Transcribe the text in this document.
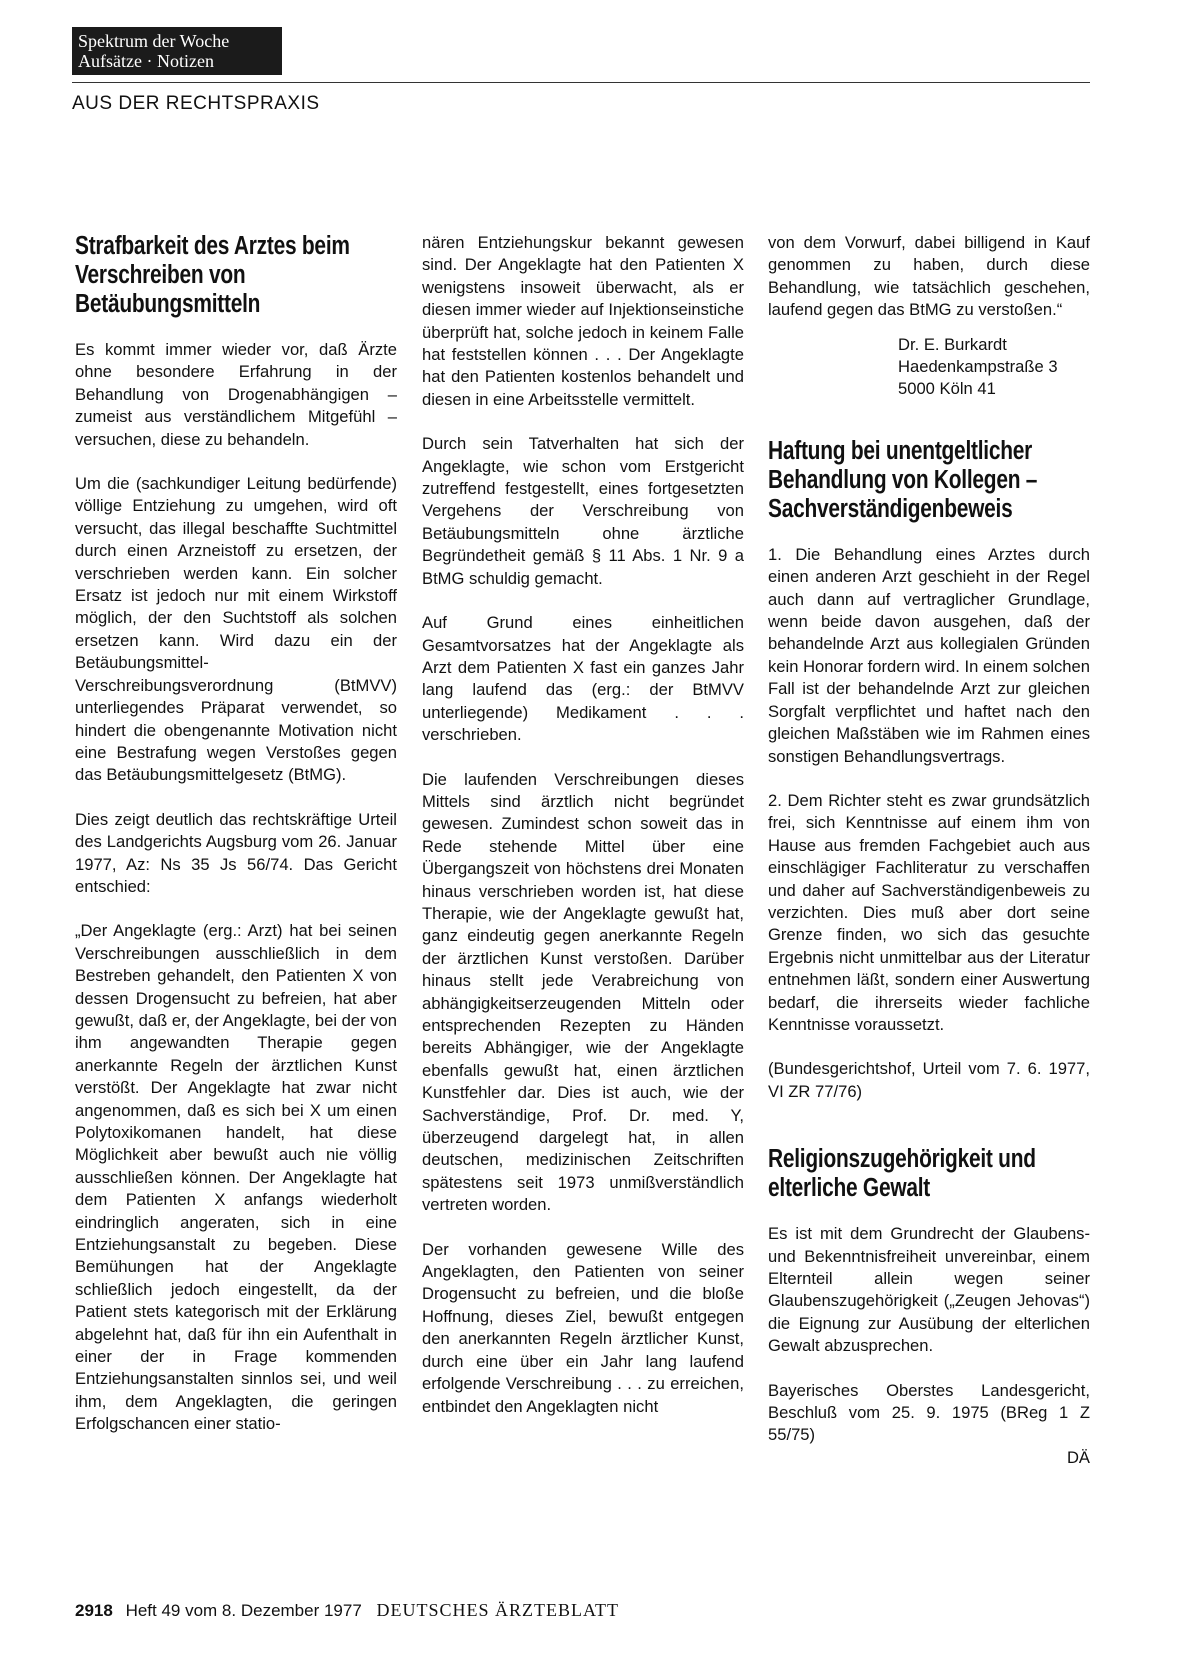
Spektrum der Woche
Aufsätze · Notizen
AUS DER RECHTSPRAXIS
Strafbarkeit des Arztes beim Verschreiben von Betäubungsmitteln

Es kommt immer wieder vor, daß Ärzte ohne besondere Erfahrung in der Behandlung von Drogenabhängigen – zumeist aus verständlichem Mitgefühl – versuchen, diese zu behandeln.

Um die (sachkundiger Leitung bedürfende) völlige Entziehung zu umgehen, wird oft versucht, das illegal beschaffte Suchtmittel durch einen Arzneistoff zu ersetzen, der verschrieben werden kann. Ein solcher Ersatz ist jedoch nur mit einem Wirkstoff möglich, der den Suchtstoff als solchen ersetzen kann. Wird dazu ein der Betäubungsmittel-Verschreibungsverordnung (BtMVV) unterliegendes Präparat verwendet, so hindert die obengenannte Motivation nicht eine Bestrafung wegen Verstoßes gegen das Betäubungsmittelgesetz (BtMG).

Dies zeigt deutlich das rechtskräftige Urteil des Landgerichts Augsburg vom 26. Januar 1977, Az: Ns 35 Js 56/74. Das Gericht entschied:

„Der Angeklagte (erg.: Arzt) hat bei seinen Verschreibungen ausschließlich in dem Bestreben gehandelt, den Patienten X von dessen Drogensucht zu befreien, hat aber gewußt, daß er, der Angeklagte, bei der von ihm angewandten Therapie gegen anerkannte Regeln der ärztlichen Kunst verstößt. Der Angeklagte hat zwar nicht angenommen, daß es sich bei X um einen Polytoxikomanen handelt, hat diese Möglichkeit aber bewußt auch nie völlig ausschließen können. Der Angeklagte hat dem Patienten X anfangs wiederholt eindringlich angeraten, sich in eine Entziehungsanstalt zu begeben. Diese Bemühungen hat der Angeklagte schließlich jedoch eingestellt, da der Patient stets kategorisch mit der Erklärung abgelehnt hat, daß für ihn ein Aufenthalt in einer der in Frage kommenden Entziehungsanstalten sinnlos sei, und weil ihm, dem Angeklagten, die geringen Erfolgschancen einer statio-

nären Entziehungskur bekannt gewesen sind. Der Angeklagte hat den Patienten X wenigstens insoweit überwacht, als er diesen immer wieder auf Injektionseinstiche überprüft hat, solche jedoch in keinem Falle hat feststellen können . . . Der Angeklagte hat den Patienten kostenlos behandelt und diesen in eine Arbeitsstelle vermittelt.

Durch sein Tatverhalten hat sich der Angeklagte, wie schon vom Erstgericht zutreffend festgestellt, eines fortgesetzten Vergehens der Verschreibung von Betäubungsmitteln ohne ärztliche Begründetheit gemäß § 11 Abs. 1 Nr. 9 a BtMG schuldig gemacht.

Auf Grund eines einheitlichen Gesamtvorsatzes hat der Angeklagte als Arzt dem Patienten X fast ein ganzes Jahr lang laufend das (erg.: der BtMVV unterliegende) Medikament . . . verschrieben.

Die laufenden Verschreibungen dieses Mittels sind ärztlich nicht begründet gewesen. Zumindest schon soweit das in Rede stehende Mittel über eine Übergangszeit von höchstens drei Monaten hinaus verschrieben worden ist, hat diese Therapie, wie der Angeklagte gewußt hat, ganz eindeutig gegen anerkannte Regeln der ärztlichen Kunst verstoßen. Darüber hinaus stellt jede Verabreichung von abhängigkeitserzeugenden Mitteln oder entsprechenden Rezepten zu Händen bereits Abhängiger, wie der Angeklagte ebenfalls gewußt hat, einen ärztlichen Kunstfehler dar. Dies ist auch, wie der Sachverständige, Prof. Dr. med. Y, überzeugend dargelegt hat, in allen deutschen, medizinischen Zeitschriften spätestens seit 1973 unmißverständlich vertreten worden.

Der vorhanden gewesene Wille des Angeklagten, den Patienten von seiner Drogensucht zu befreien, und die bloße Hoffnung, dieses Ziel, bewußt entgegen den anerkannten Regeln ärztlicher Kunst, durch eine über ein Jahr lang laufend erfolgende Verschreibung . . . zu erreichen, entbindet den Angeklagten nicht

von dem Vorwurf, dabei billigend in Kauf genommen zu haben, durch diese Behandlung, wie tatsächlich geschehen, laufend gegen das BtMG zu verstoßen.“

Dr. E. Burkardt
Haedenkampstraße 3
5000 Köln 41
Haftung bei unentgeltlicher Behandlung von Kollegen – Sachverständigenbeweis

1. Die Behandlung eines Arztes durch einen anderen Arzt geschieht in der Regel auch dann auf vertraglicher Grundlage, wenn beide davon ausgehen, daß der behandelnde Arzt aus kollegialen Gründen kein Honorar fordern wird. In einem solchen Fall ist der behandelnde Arzt zur gleichen Sorgfalt verpflichtet und haftet nach den gleichen Maßstäben wie im Rahmen eines sonstigen Behandlungsvertrags.

2. Dem Richter steht es zwar grundsätzlich frei, sich Kenntnisse auf einem ihm von Hause aus fremden Fachgebiet auch aus einschlägiger Fachliteratur zu verschaffen und daher auf Sachverständigenbeweis zu verzichten. Dies muß aber dort seine Grenze finden, wo sich das gesuchte Ergebnis nicht unmittelbar aus der Literatur entnehmen läßt, sondern einer Auswertung bedarf, die ihrerseits wieder fachliche Kenntnisse voraussetzt.

(Bundesgerichtshof, Urteil vom 7. 6. 1977, VI ZR 77/76)

Religionszugehörigkeit und elterliche Gewalt

Es ist mit dem Grundrecht der Glaubens- und Bekenntnisfreiheit unvereinbar, einem Elternteil allein wegen seiner Glaubenszugehörigkeit („Zeugen Jehovas“) die Eignung zur Ausübung der elterlichen Gewalt abzusprechen.

Bayerisches Oberstes Landesgericht, Beschluß vom 25. 9. 1975 (BReg 1 Z 55/75)

DÄ
2918 Heft 49 vom 8. Dezember 1977 DEUTSCHES ÄRZTEBLATT
